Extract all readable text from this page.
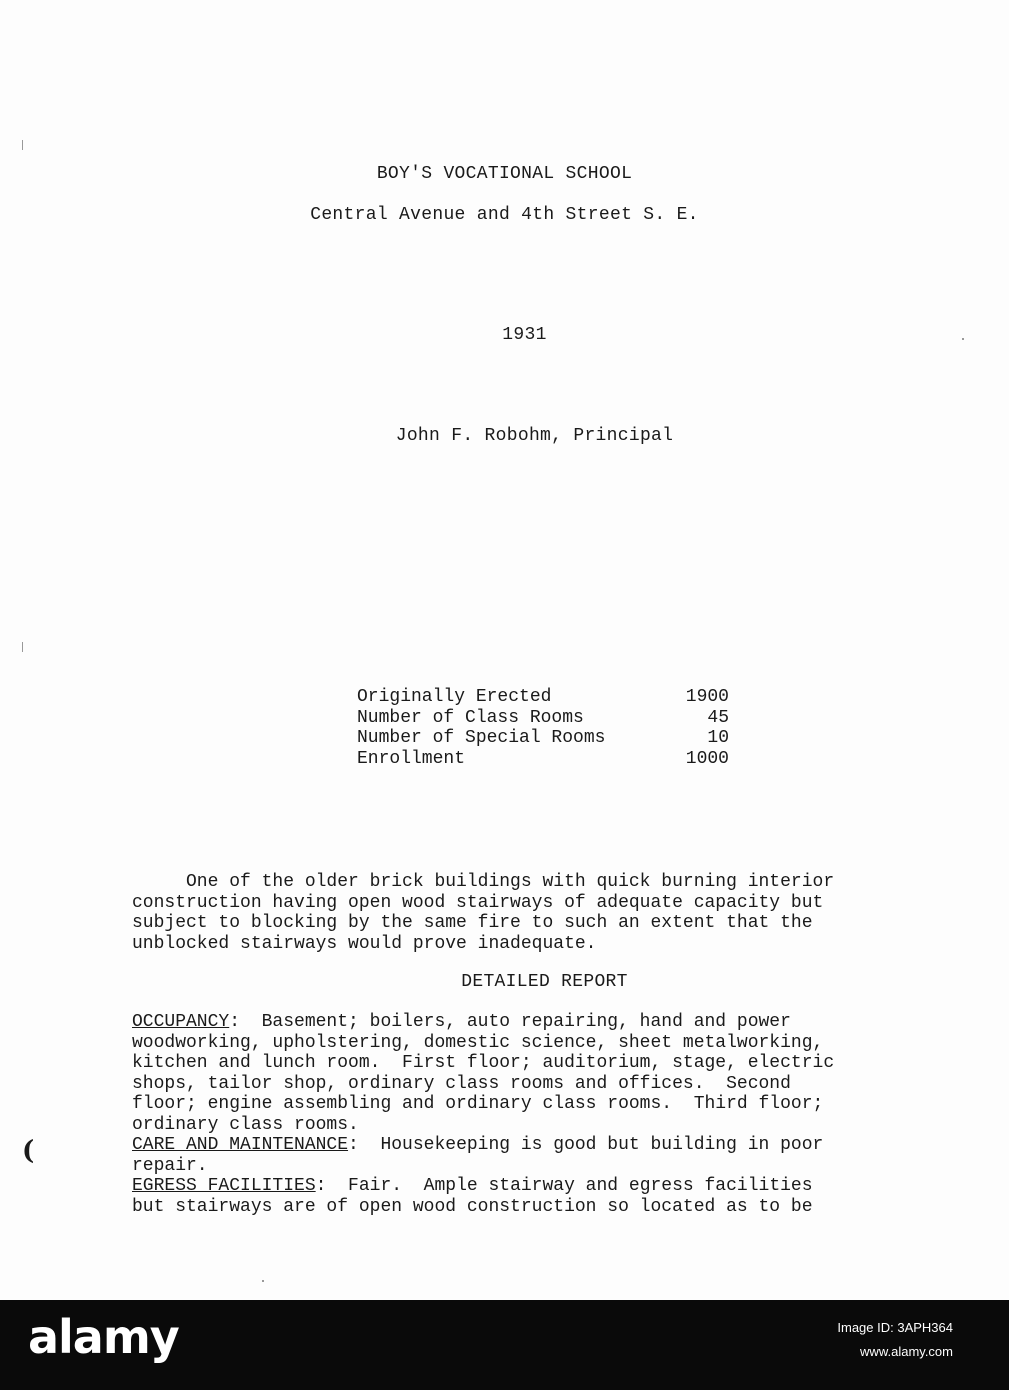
BOY'S VOCATIONAL SCHOOL
Central Avenue and 4th Street S. E.
1931
John F. Robohm, Principal
Originally Erected	1900
Number of Class Rooms	45
Number of Special Rooms	10
Enrollment	1000
One of the older brick buildings with quick burning interior
construction having open wood stairways of adequate capacity but
subject to blocking by the same fire to such an extent that the
unblocked stairways would prove inadequate.
DETAILED REPORT
OCCUPANCY:  Basement; boilers, auto repairing, hand and power
woodworking, upholstering, domestic science, sheet metalworking,
kitchen and lunch room.  First floor; auditorium, stage, electric
shops, tailor shop, ordinary class rooms and offices.  Second
floor; engine assembling and ordinary class rooms.  Third floor;
ordinary class rooms.
CARE AND MAINTENANCE:  Housekeeping is good but building in poor
repair.
EGRESS FACILITIES:  Fair.  Ample stairway and egress facilities
but stairways are of open wood construction so located as to be
(
alamy	Image ID: 3APH364
www.alamy.com
